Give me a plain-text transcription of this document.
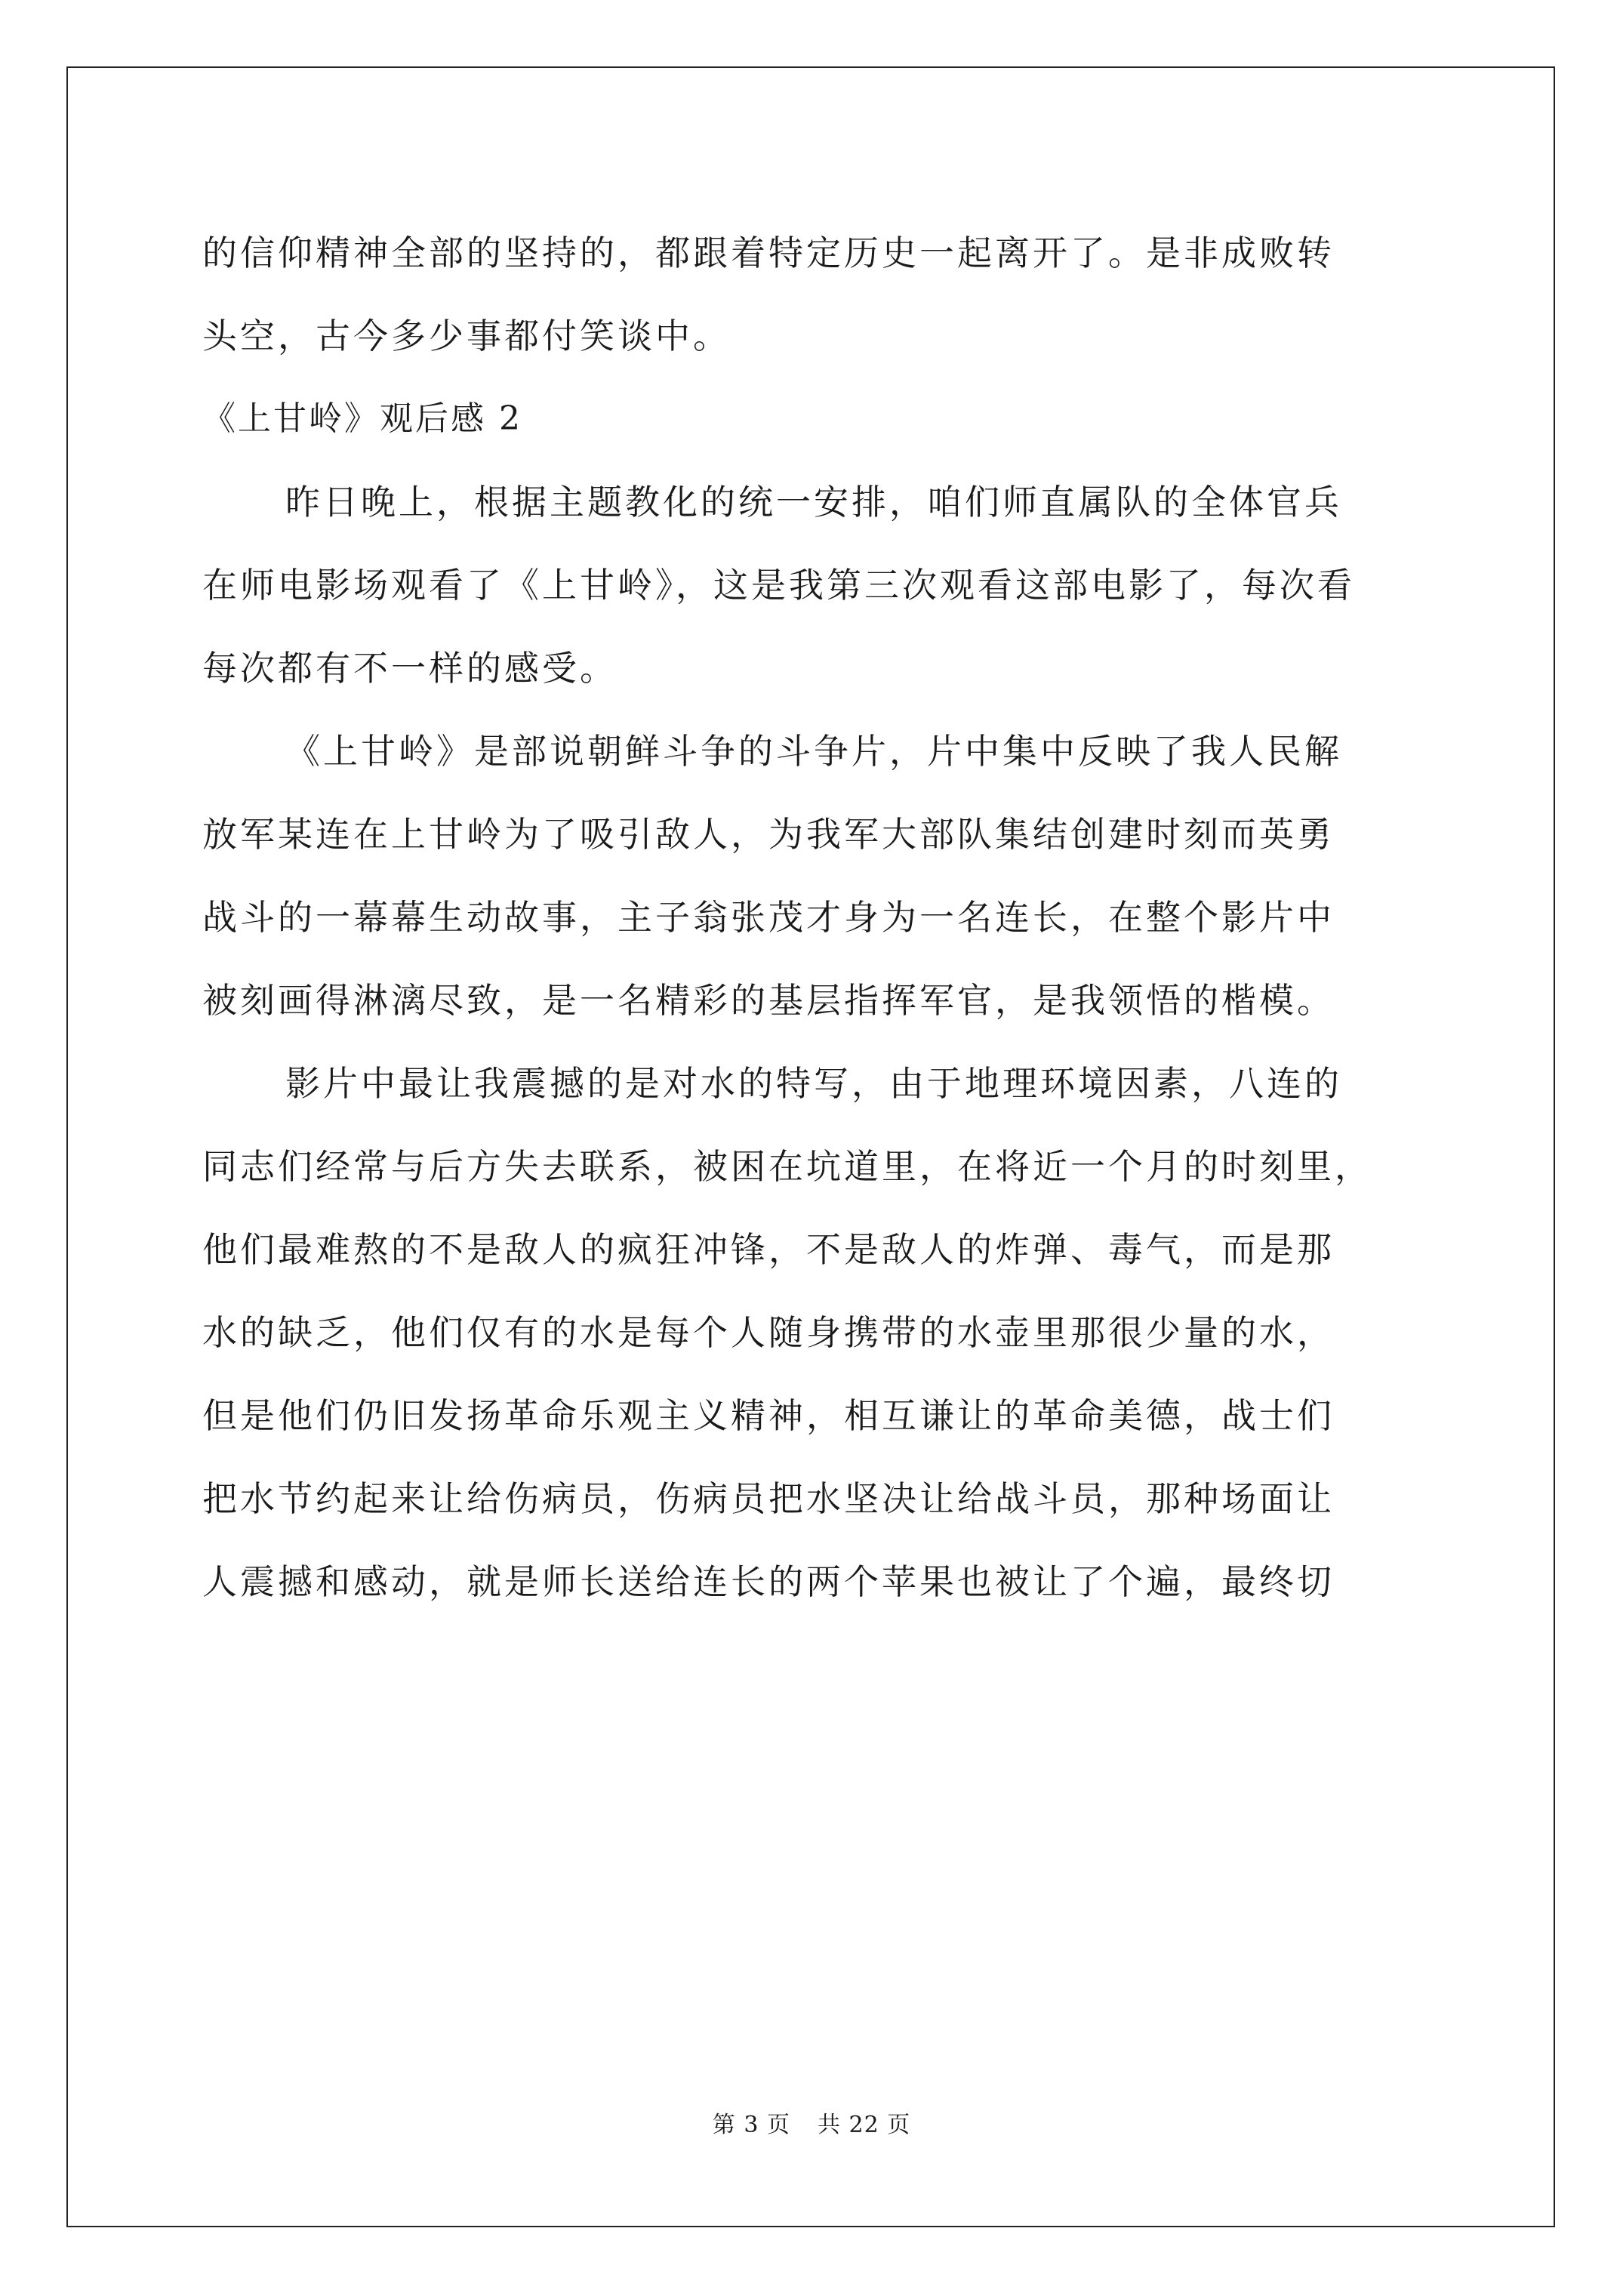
的信仰精神全部的坚持的，都跟着特定历史一起离开了。是非成败转
头空，古今多少事都付笑谈中。
《上甘岭》观后感 2
昨日晚上，根据主题教化的统一安排，咱们师直属队的全体官兵
在师电影场观看了《上甘岭》，这是我第三次观看这部电影了，每次看
每次都有不一样的感受。
《上甘岭》是部说朝鲜斗争的斗争片，片中集中反映了我人民解
放军某连在上甘岭为了吸引敌人，为我军大部队集结创建时刻而英勇
战斗的一幕幕生动故事，主子翁张茂才身为一名连长，在整个影片中
被刻画得淋漓尽致，是一名精彩的基层指挥军官，是我领悟的楷模。
影片中最让我震撼的是对水的特写，由于地理环境因素，八连的
同志们经常与后方失去联系，被困在坑道里，在将近一个月的时刻里，
他们最难熬的不是敌人的疯狂冲锋，不是敌人的炸弹、毒气，而是那
水的缺乏，他们仅有的水是每个人随身携带的水壶里那很少量的水，
但是他们仍旧发扬革命乐观主义精神，相互谦让的革命美德，战士们
把水节约起来让给伤病员，伤病员把水坚决让给战斗员，那种场面让
人震撼和感动，就是师长送给连长的两个苹果也被让了个遍，最终切
第 3 页 共 22 页
